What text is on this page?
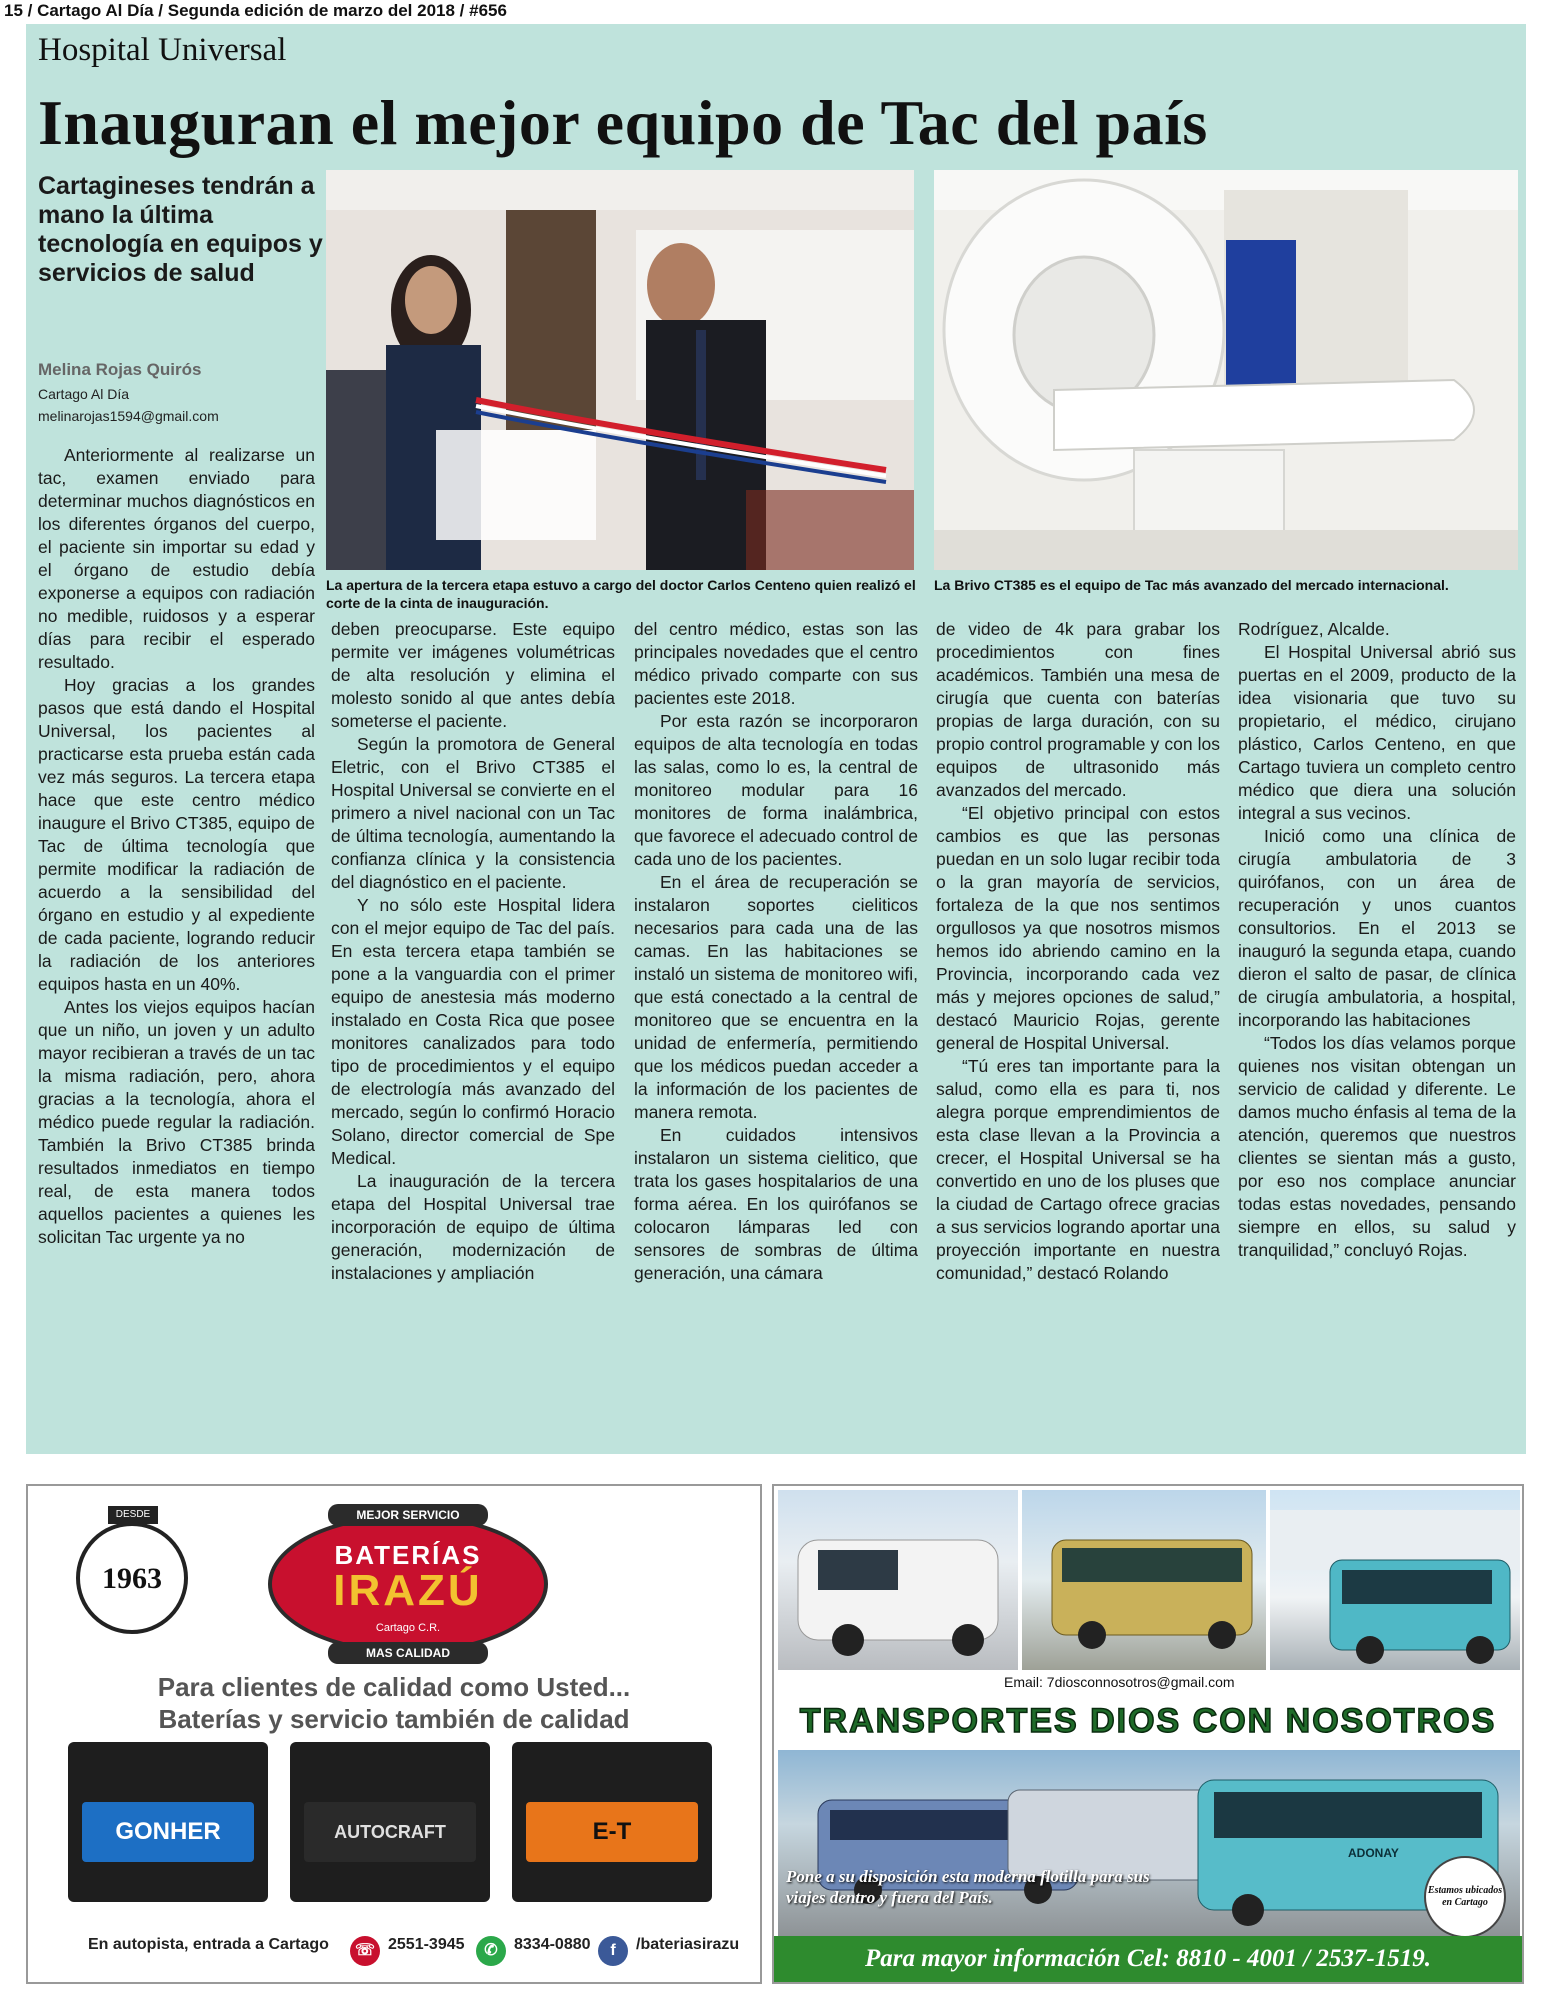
15 / Cartago Al Día / Segunda edición de marzo del 2018 / #656
Hospital Universal
Inauguran el mejor equipo de Tac del país
Cartagineses tendrán a mano la última tecnología en equipos y servicios de salud
Melina Rojas Quirós
Cartago Al Día
melinarojas1594@gmail.com
La apertura de la tercera etapa estuvo a cargo del doctor Carlos Centeno quien realizó el corte de la cinta de inauguración.
La Brivo CT385 es el equipo de Tac más avanzado del mercado internacional.

Anteriormente al realizarse un tac, examen enviado para determinar muchos diagnósticos en los diferentes órganos del cuerpo, el paciente sin importar su edad y el órgano de estudio debía exponerse a equipos con radiación no medible, ruidosos y a esperar días para recibir el esperado resultado.

Hoy gracias a los grandes pasos que está dando el Hospital Universal, los pacientes al practicarse esta prueba están cada vez más seguros. La tercera etapa hace que este centro médico inaugure el Brivo CT385, equipo de Tac de última tecnología que permite modificar la radiación de acuerdo a la sensibilidad del órgano en estudio y al expediente de cada paciente, logrando reducir la radiación de los anteriores equipos hasta en un 40%.

Antes los viejos equipos hacían que un niño, un joven y un adulto mayor recibieran a través de un tac la misma radiación, pero, ahora gracias a la tecnología, ahora el médico puede regular la radiación. También la Brivo CT385 brinda resultados inmediatos en tiempo real, de esta manera todos aquellos pacientes a quienes les solicitan Tac urgente ya no

deben preocuparse. Este equipo permite ver imágenes volumétricas de alta resolución y elimina el molesto sonido al que antes debía someterse el paciente.

Según la promotora de General Eletric, con el Brivo CT385 el Hospital Universal se convierte en el primero a nivel nacional con un Tac de última tecnología, aumentando la confianza clínica y la consistencia del diagnóstico en el paciente.

Y no sólo este Hospital lidera con el mejor equipo de Tac del país. En esta tercera etapa también se pone a la vanguardia con el primer equipo de anestesia más moderno instalado en Costa Rica que posee monitores canalizados para todo tipo de procedimientos y el equipo de electrología más avanzado del mercado, según lo confirmó Horacio Solano, director comercial de Spe Medical.

La inauguración de la tercera etapa del Hospital Universal trae incorporación de equipo de última generación, modernización de instalaciones y ampliación

del centro médico, estas son las principales novedades que el centro médico privado comparte con sus pacientes este 2018.

Por esta razón se incorporaron equipos de alta tecnología en todas las salas, como lo es, la central de monitoreo modular para 16 monitores de forma inalámbrica, que favorece el adecuado control de cada uno de los pacientes.

En el área de recuperación se instalaron soportes cieliticos necesarios para cada una de las camas. En las habitaciones se instaló un sistema de monitoreo wifi, que está conectado a la central de monitoreo que se encuentra en la unidad de enfermería, permitiendo que los médicos puedan acceder a la información de los pacientes de manera remota.

En cuidados intensivos instalaron un sistema cielitico, que trata los gases hospitalarios de una forma aérea. En los quirófanos se colocaron lámparas led con sensores de sombras de última generación, una cámara

de video de 4k para grabar los procedimientos con fines académicos. También una mesa de cirugía que cuenta con baterías propias de larga duración, con su propio control programable y con los equipos de ultrasonido más avanzados del mercado.

“El objetivo principal con estos cambios es que las personas puedan en un solo lugar recibir toda o la gran mayoría de servicios, fortaleza de la que nos sentimos orgullosos ya que nosotros mismos hemos ido abriendo camino en la Provincia, incorporando cada vez más y mejores opciones de salud,” destacó Mauricio Rojas, gerente general de Hospital Universal.

“Tú eres tan importante para la salud, como ella es para ti, nos alegra porque emprendimientos de esta clase llevan a la Provincia a crecer, el Hospital Universal se ha convertido en uno de los pluses que la ciudad de Cartago ofrece gracias a sus servicios logrando aportar una proyección importante en nuestra comunidad,” destacó Rolando

Rodríguez, Alcalde.

El Hospital Universal abrió sus puertas en el 2009, producto de la idea visionaria que tuvo su propietario, el médico, cirujano plástico, Carlos Centeno, en que Cartago tuviera un completo centro médico que diera una solución integral a sus vecinos.

Inició como una clínica de cirugía ambulatoria de 3 quirófanos, con un área de recuperación y unos cuantos consultorios. En el 2013 se inauguró la segunda etapa, cuando dieron el salto de pasar, de clínica de cirugía ambulatoria, a hospital, incorporando las habitaciones

“Todos los días velamos porque quienes nos visitan obtengan un servicio de calidad y diferente. Le damos mucho énfasis al tema de la atención, queremos que nuestros clientes se sientan más a gusto, por eso nos complace anunciar todas estas novedades, pensando siempre en ellos, su salud y tranquilidad,” concluyó Rojas.

1963
DESDE	MEJOR SERVICIO
BATERÍAS
IRAZÚ
Cartago C.R.
MAS CALIDAD
Para clientes de calidad como Usted...
Baterías y servicio también de calidad
GONHER	AUTOCRAFT	E-T
En autopista, entrada a Cartago	☏ 2551-3945	✆	8334-0880	f	/bateriasirazu
Email: 7diosconnosotros@gmail.com
TRANSPORTES DIOS CON NOSOTROS
ADONAY
Pone a su disposición esta moderna flotilla para sus viajes dentro y fuera del País.	Estamos ubicados en Cartago
Para mayor información Cel: 8810 - 4001 / 2537-1519.
